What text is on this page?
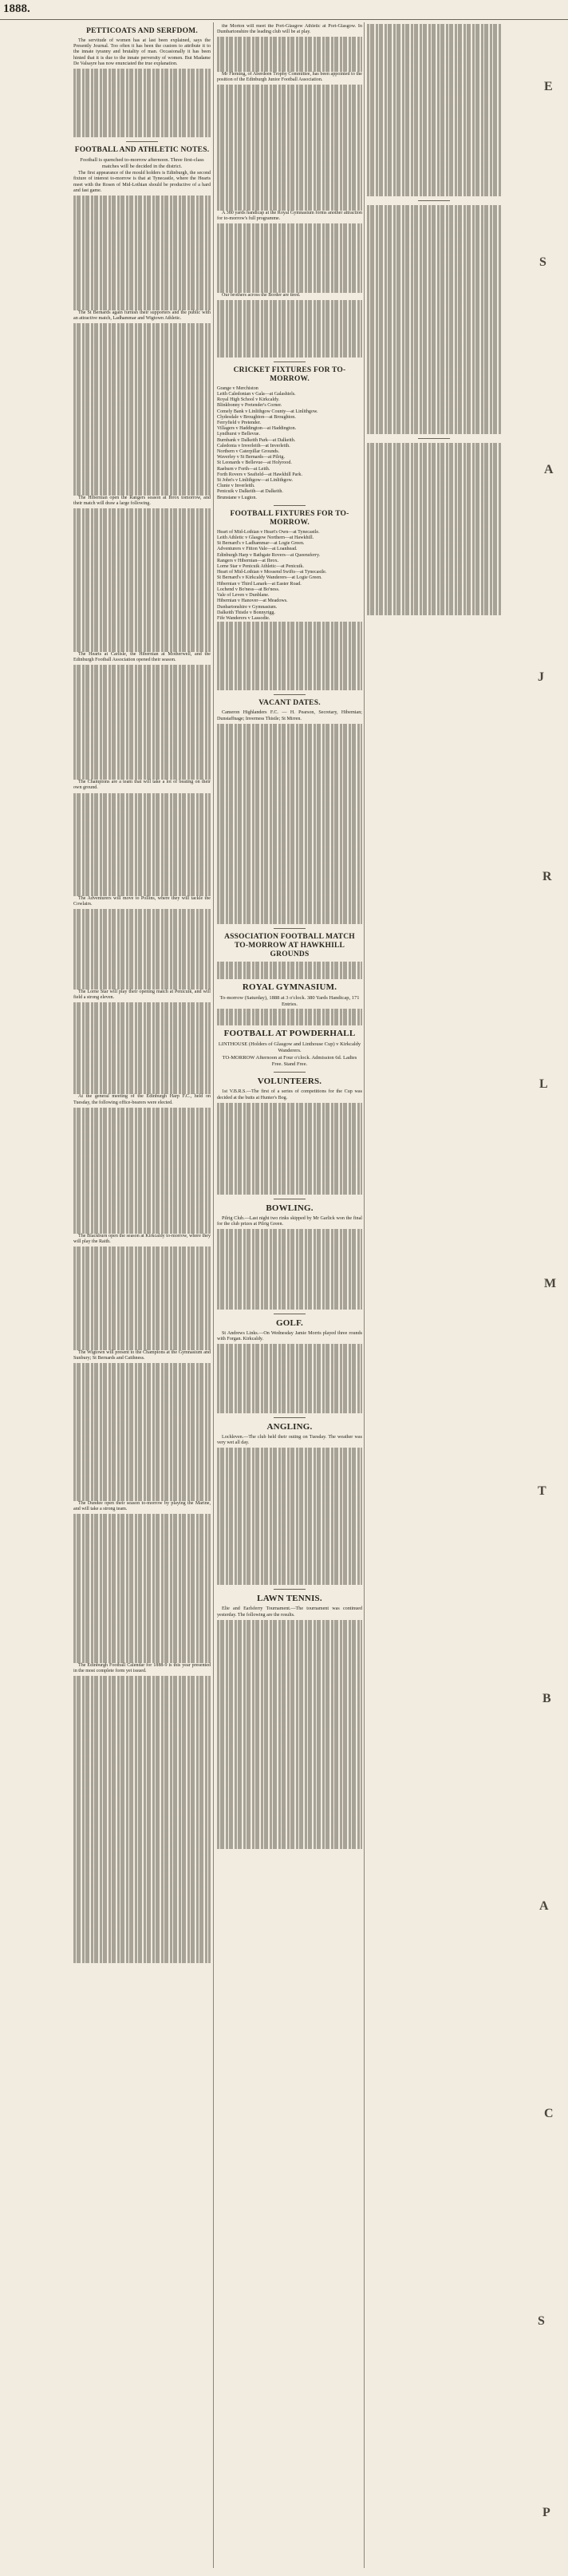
1888.
PETTICOATS AND SERFDOM.
The servitude of women has at last been explained, says the Presently Journal. Too often it has been the custom to attribute it to the innate tyranny and brutality of man. Occasionally it has been hinted that it is due to the innate perversity of women. But Madame De Valsayre has now enunciated the true explanation.
FOOTBALL AND ATHLETIC NOTES.
Football is quenched to-morrow afternoon. Three first-class matches will be decided in the district.
The first appearance of the mould holders is Edinburgh, the second fixture of interest to-morrow is that at Tynecastle, where the Hearts meet with the Rosen of Mid-Lothian should be productive of a hard and fast game.
The St Bernards again furnish their supporters and the public with an attractive match, Ladhammar and Wigtown Athletic.
The Hibernian open the Rangers season at Ibrox tomorrow, and their match will draw a large following.
The Hearts at Carlisle, the Hibernian at Motherwell, and the Edinburgh Football Association opened their season.
The Champions are a team that will take a lot of beating on their own ground.
The Adventurers will move to Pollins, where they will tackle the Cowlairs.
The Lorne Star will play their opening match at Penicuik, and will field a strong eleven.
At the general meeting of the Edinburgh Harp F.C., held on Tuesday, the following office-bearers were elected.
The Blackburn open the season at Kirkcaldy to-morrow, where they will play the Raith.
The Wigtown will present to the Champions at the Gymnasium and Sunbury; St Bernards and Caithness.
The Dundee open their season to-morrow by playing the Marine, and will take a strong team.
The Edinburgh Football Calendar for 1888-9 is this year presented in the most complete form yet issued.
the Morton will meet the Port-Glasgow Athletic at Port-Glasgow. In Dumbartonshire the leading club will be at play.
Mr Fleming, of Aberdeen Trophy Committee, has been appointed to the position of the Edinburgh Junior Football Association.
A 380 yards handicap at the Royal Gymnasium forms another attraction for to-morrow's full programme.
Our brothers across the Border are tired.
CRICKET FIXTURES FOR TO-MORROW.
Grange v Merchiston
Leith Caledonian v Gala—at Galashiels.
Royal High School v Kirkcaldy.
Blinkbonny v Pretender's Corner.
Comely Bank v Linlithgow County—at Linlithgow.
Clydesdale v Broughton—at Broughton.
Ferryfield v Pretender.
Villagers v Haddington—at Haddington.
Lyndhurst v Bellevue.
Burnbank v Dalkeith Park—at Dalkeith.
Caledonia v Inverleith—at Inverleith.
Northern v Caterpillar Grounds.
Waverley v St Bernards—at Pilrig.
St Leonards v Bellevue—at Holyrood.
Raeburn v Forth—at Leith.
Forth Rovers v Seafield—at Hawkhill Park.
St John's v Linlithgow—at Linlithgow.
Clunie v Inverleith.
Penicuik v Dalkeith—at Dalkeith.
Brunstane v Lugton.
FOOTBALL FIXTURES FOR TO-MORROW.
Heart of Mid-Lothian v Heart's Own—at Tynecastle.
Leith Athletic v Glasgow Northern—at Hawkhill.
St Bernard's v Ladhammar—at Logie Green.
Adventurers v Fitton Vale—at Loanhead.
Edinburgh Harp v Bathgate Rovers—at Queensferry.
Rangers v Hibernian—at Ibrox.
Lorne Star v Penicuik Athletic—at Penicuik.
Heart of Mid-Lothian v Mossend Swifts—at Tynecastle.
St Bernard's v Kirkcaldy Wanderers—at Logie Green.
Hibernian v Third Lanark—at Easter Road.
Lochend v Bo'ness—at Bo'ness.
Vale of Leven v Dunblane.
Hibernian v Hanover—at Meadows.
Dunbartonshire v Gymnasium.
Dalkeith Thistle v Bonnyrigg.
Fife Wanderers v Lassodie.
VACANT DATES.
Cameron Highlanders F.C. — H. Pearson, Secretary, Hibernian; Dunstaffnage; Inverness Thistle; St Mirren.
ASSOCIATION FOOTBALL MATCH TO-MORROW AT HAWKHILL GROUNDS
ROYAL GYMNASIUM.
To-morrow (Saturday), 1888 at 3 o'clock. 380 Yards Handicap, 171 Entries.
FOOTBALL AT POWDERHALL
LINTHOUSE (Holders of Glasgow and Linthouse Cup) v Kirkcaldy Wanderers.
TO-MORROW Afternoon at Four o'clock. Admission 6d. Ladies Free. Stand Free.
VOLUNTEERS.
1st V.B.R.S.—The first of a series of competitions for the Cup was decided at the butts at Hunter's Bog.
BOWLING.
Pilrig Club.—Last night two rinks skipped by Mr Garlick won the final for the club prizes at Pilrig Green.
GOLF.
St Andrews Links.—On Wednesday Jamie Morris played three rounds with Forgan. Kirkcaldy.
ANGLING.
Lochleven.—The club held their outing on Tuesday. The weather was very wet all day.
LAWN TENNIS.
Elie and Earlsferry Tournament.—The tournament was continued yesterday. The following are the results.
E
S
A
J
R
L
M
T
B
A
C
S
P
